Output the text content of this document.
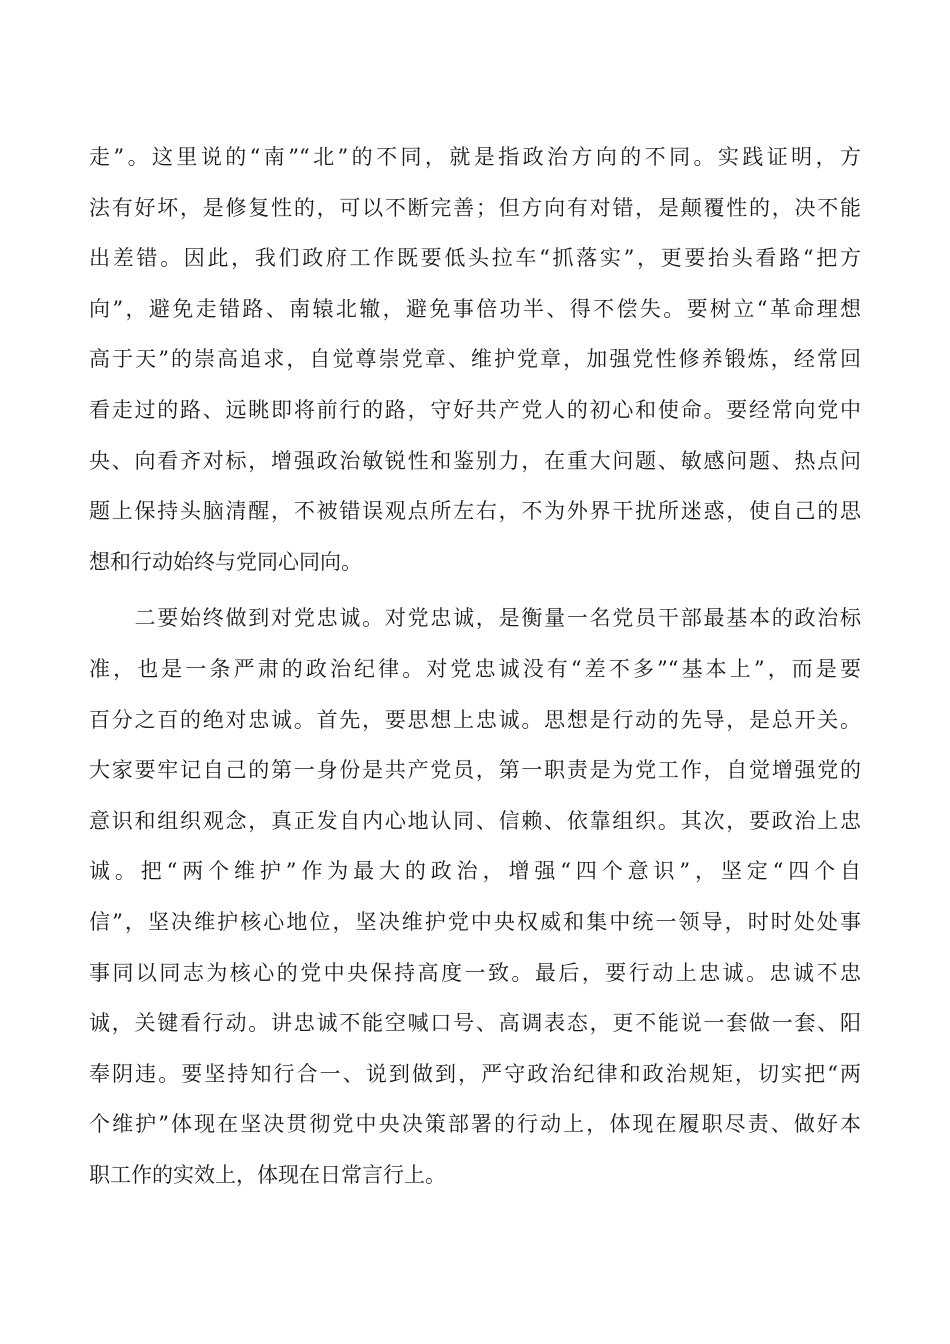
走”。这里说的“南”“北”的不同，就是指政治方向的不同。实践证明，方
法有好坏，是修复性的，可以不断完善；但方向有对错，是颠覆性的，决不能
出差错。因此，我们政府工作既要低头拉车“抓落实”，更要抬头看路“把方
向”，避免走错路、南辕北辙，避免事倍功半、得不偿失。要树立“革命理想
高于天”的崇高追求，自觉尊崇党章、维护党章，加强党性修养锻炼，经常回
看走过的路、远眺即将前行的路，守好共产党人的初心和使命。要经常向党中
央、向看齐对标，增强政治敏锐性和鉴别力，在重大问题、敏感问题、热点问
题上保持头脑清醒，不被错误观点所左右，不为外界干扰所迷惑，使自己的思
想和行动始终与党同心同向。
　　二要始终做到对党忠诚。对党忠诚，是衡量一名党员干部最基本的政治标
准，也是一条严肃的政治纪律。对党忠诚没有“差不多”“基本上”，而是要
百分之百的绝对忠诚。首先，要思想上忠诚。思想是行动的先导，是总开关。
大家要牢记自己的第一身份是共产党员，第一职责是为党工作，自觉增强党的
意识和组织观念，真正发自内心地认同、信赖、依靠组织。其次，要政治上忠
诚。把“两个维护”作为最大的政治，增强“四个意识”，坚定“四个自
信”，坚决维护核心地位，坚决维护党中央权威和集中统一领导，时时处处事
事同以同志为核心的党中央保持高度一致。最后，要行动上忠诚。忠诚不忠
诚，关键看行动。讲忠诚不能空喊口号、高调表态，更不能说一套做一套、阳
奉阴违。要坚持知行合一、说到做到，严守政治纪律和政治规矩，切实把“两
个维护”体现在坚决贯彻党中央决策部署的行动上，体现在履职尽责、做好本
职工作的实效上，体现在日常言行上。
